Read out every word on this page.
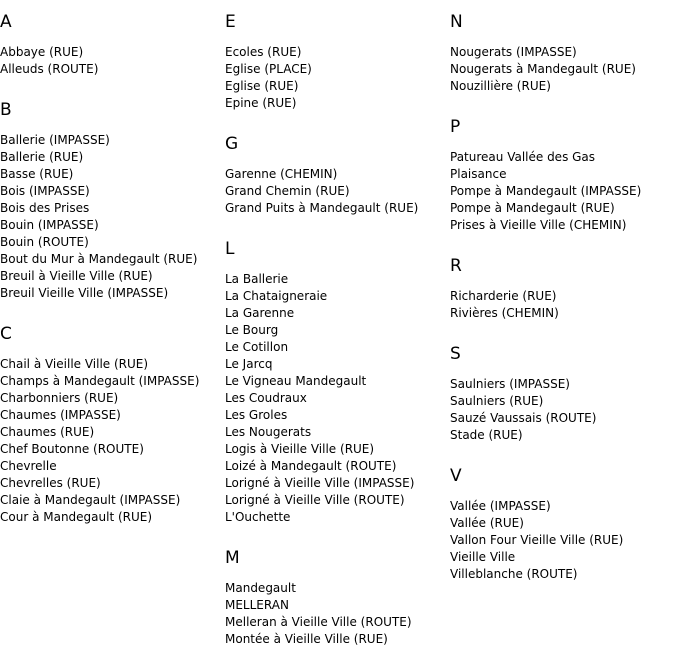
A
Abbaye (RUE)
Alleuds (ROUTE)
B
Ballerie (IMPASSE)
Ballerie (RUE)
Basse (RUE)
Bois (IMPASSE)
Bois des Prises
Bouin (IMPASSE)
Bouin (ROUTE)
Bout du Mur à Mandegault (RUE)
Breuil à Vieille Ville (RUE)
Breuil Vieille Ville (IMPASSE)
C
Chail à Vieille Ville (RUE)
Champs à Mandegault (IMPASSE)
Charbonniers (RUE)
Chaumes (IMPASSE)
Chaumes (RUE)
Chef Boutonne (ROUTE)
Chevrelle
Chevrelles (RUE)
Claie à Mandegault (IMPASSE)
Cour à Mandegault (RUE)
E
Ecoles (RUE)
Eglise (PLACE)
Eglise (RUE)
Epine (RUE)
G
Garenne (CHEMIN)
Grand Chemin (RUE)
Grand Puits à Mandegault (RUE)
L
La Ballerie
La Chataigneraie
La Garenne
Le Bourg
Le Cotillon
Le Jarcq
Le Vigneau Mandegault
Les Coudraux
Les Groles
Les Nougerats
Logis à Vieille Ville (RUE)
Loizé à Mandegault (ROUTE)
Lorigné à Vieille Ville (IMPASSE)
Lorigné à Vieille Ville (ROUTE)
L'Ouchette
M
Mandegault
MELLERAN
Melleran à Vieille Ville (ROUTE)
Montée à Vieille Ville (RUE)
N
Nougerats (IMPASSE)
Nougerats à Mandegault (RUE)
Nouzillière (RUE)
P
Patureau Vallée des Gas
Plaisance
Pompe à Mandegault (IMPASSE)
Pompe à Mandegault (RUE)
Prises à Vieille Ville (CHEMIN)
R
Richarderie (RUE)
Rivières (CHEMIN)
S
Saulniers (IMPASSE)
Saulniers (RUE)
Sauzé Vaussais (ROUTE)
Stade (RUE)
V
Vallée (IMPASSE)
Vallée (RUE)
Vallon Four Vieille Ville (RUE)
Vieille Ville
Villeblanche (ROUTE)
